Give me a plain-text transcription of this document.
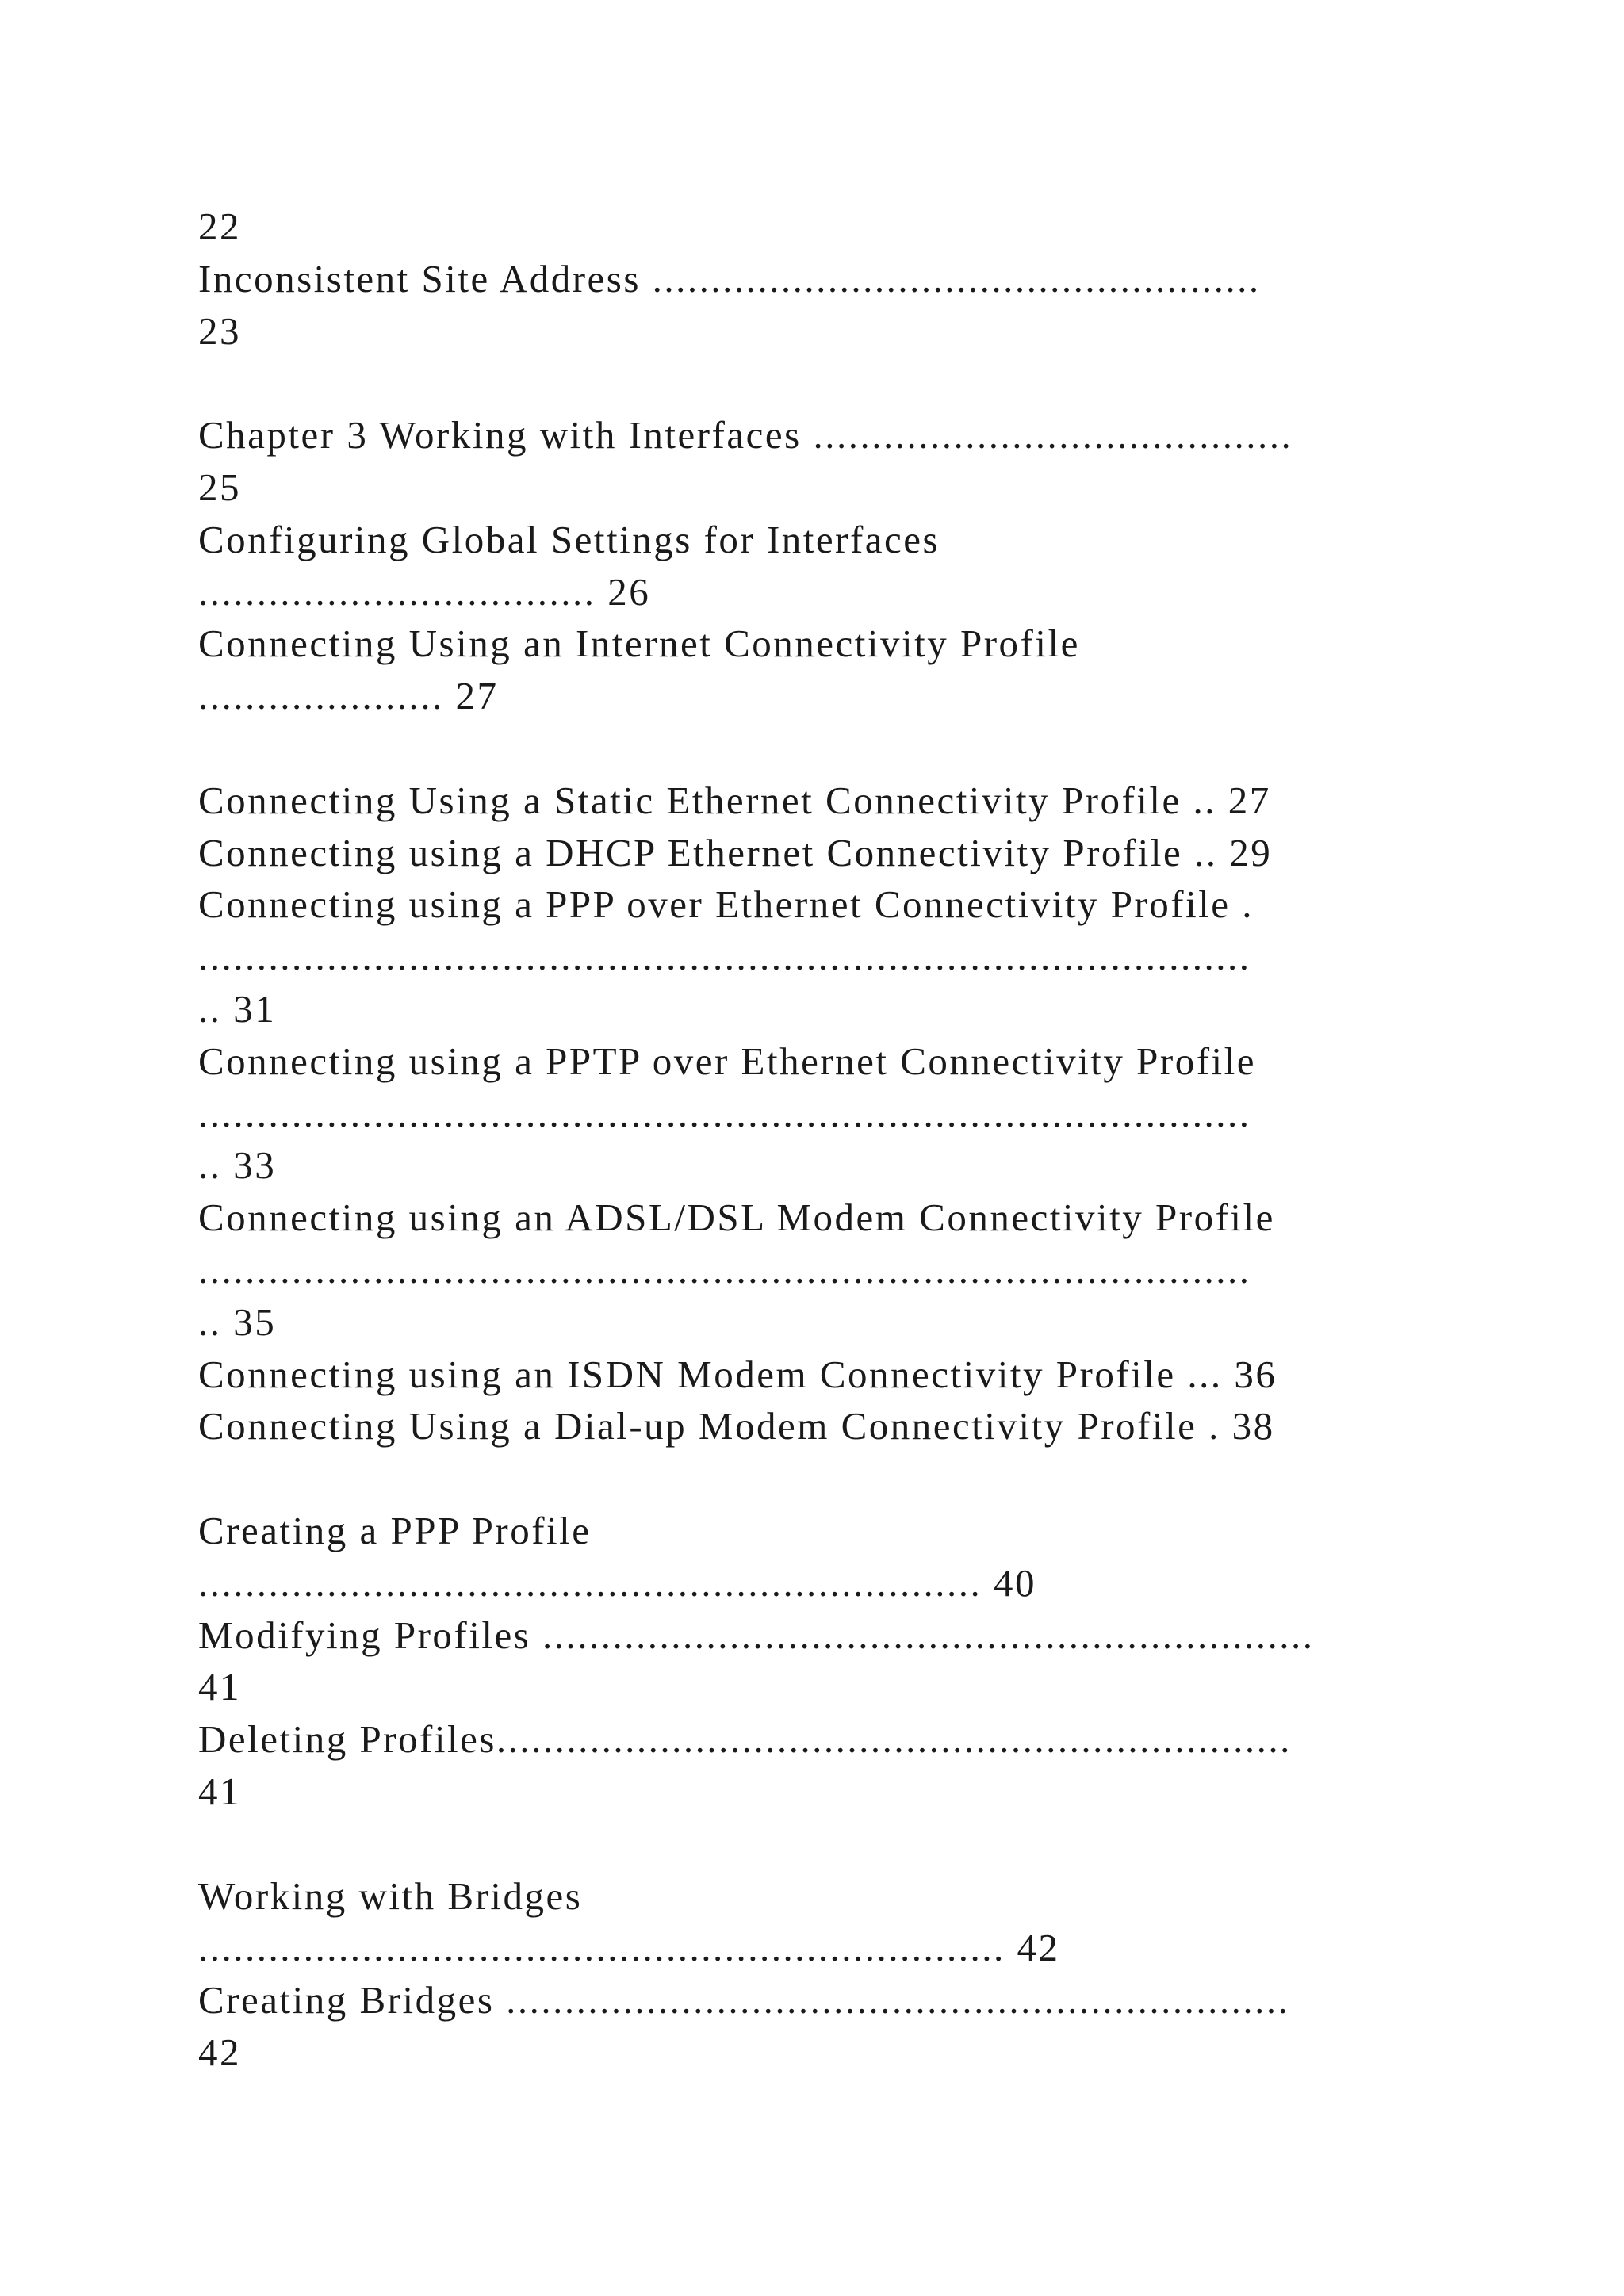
22
Inconsistent Site Address ....................................................
23
Chapter 3 Working with Interfaces .........................................
25
Configuring Global Settings for Interfaces
.................................. 26
Connecting Using an Internet Connectivity Profile
..................... 27
Connecting Using a Static Ethernet Connectivity Profile .. 27
Connecting using a DHCP Ethernet Connectivity Profile .. 29
Connecting using a PPP over Ethernet Connectivity Profile .
..........................................................................................
.. 31
Connecting using a PPTP over Ethernet Connectivity Profile
..........................................................................................
.. 33
Connecting using an ADSL/DSL Modem Connectivity Profile
..........................................................................................
.. 35
Connecting using an ISDN Modem Connectivity Profile ... 36
Connecting Using a Dial-up Modem Connectivity Profile . 38
Creating a PPP Profile
................................................................... 40
Modifying Profiles ..................................................................
41
Deleting Profiles....................................................................
41
Working with Bridges
..................................................................... 42
Creating Bridges ...................................................................
42
